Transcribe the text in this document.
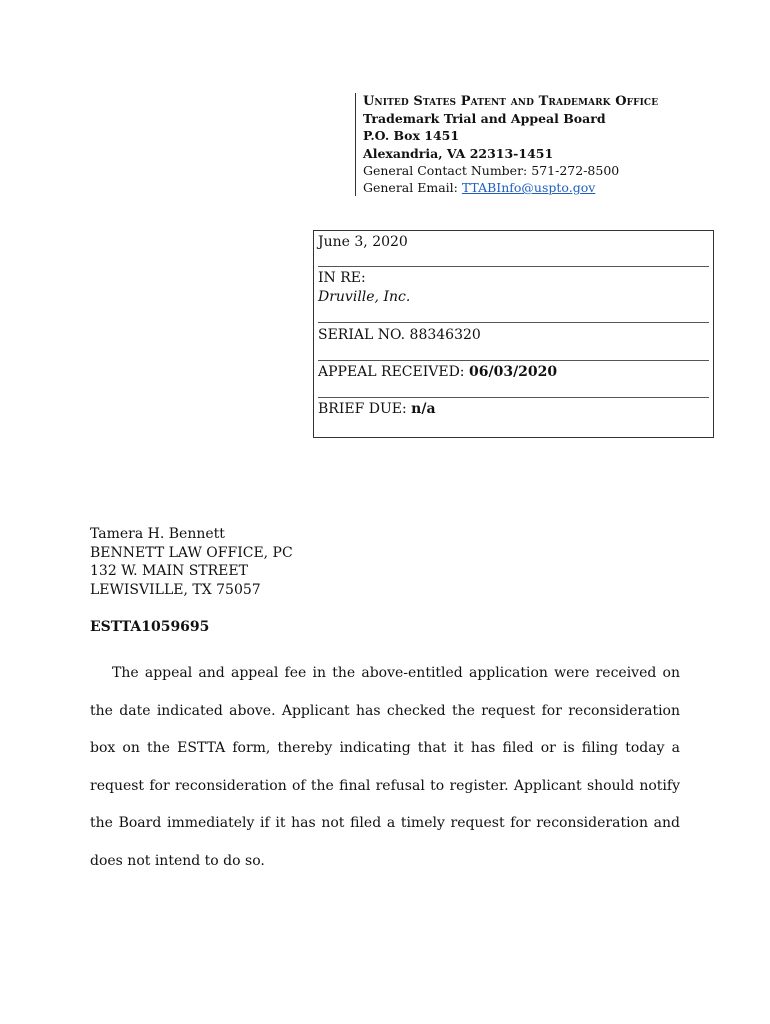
United States Patent and Trademark Office
Trademark Trial and Appeal Board
P.O. Box 1451
Alexandria, VA 22313-1451
General Contact Number: 571-272-8500
General Email: TTABInfo@uspto.gov
June 3, 2020
IN RE:
Druville, Inc.
SERIAL NO. 88346320
APPEAL RECEIVED: 06/03/2020
BRIEF DUE: n/a
Tamera H. Bennett
BENNETT LAW OFFICE, PC
132 W. MAIN STREET
LEWISVILLE, TX 75057
ESTTA1059695
The appeal and appeal fee in the above-entitled application were received on the date indicated above. Applicant has checked the request for reconsideration box on the ESTTA form, thereby indicating that it has filed or is filing today a request for reconsideration of the final refusal to register. Applicant should notify the Board immediately if it has not filed a timely request for reconsideration and does not intend to do so.
